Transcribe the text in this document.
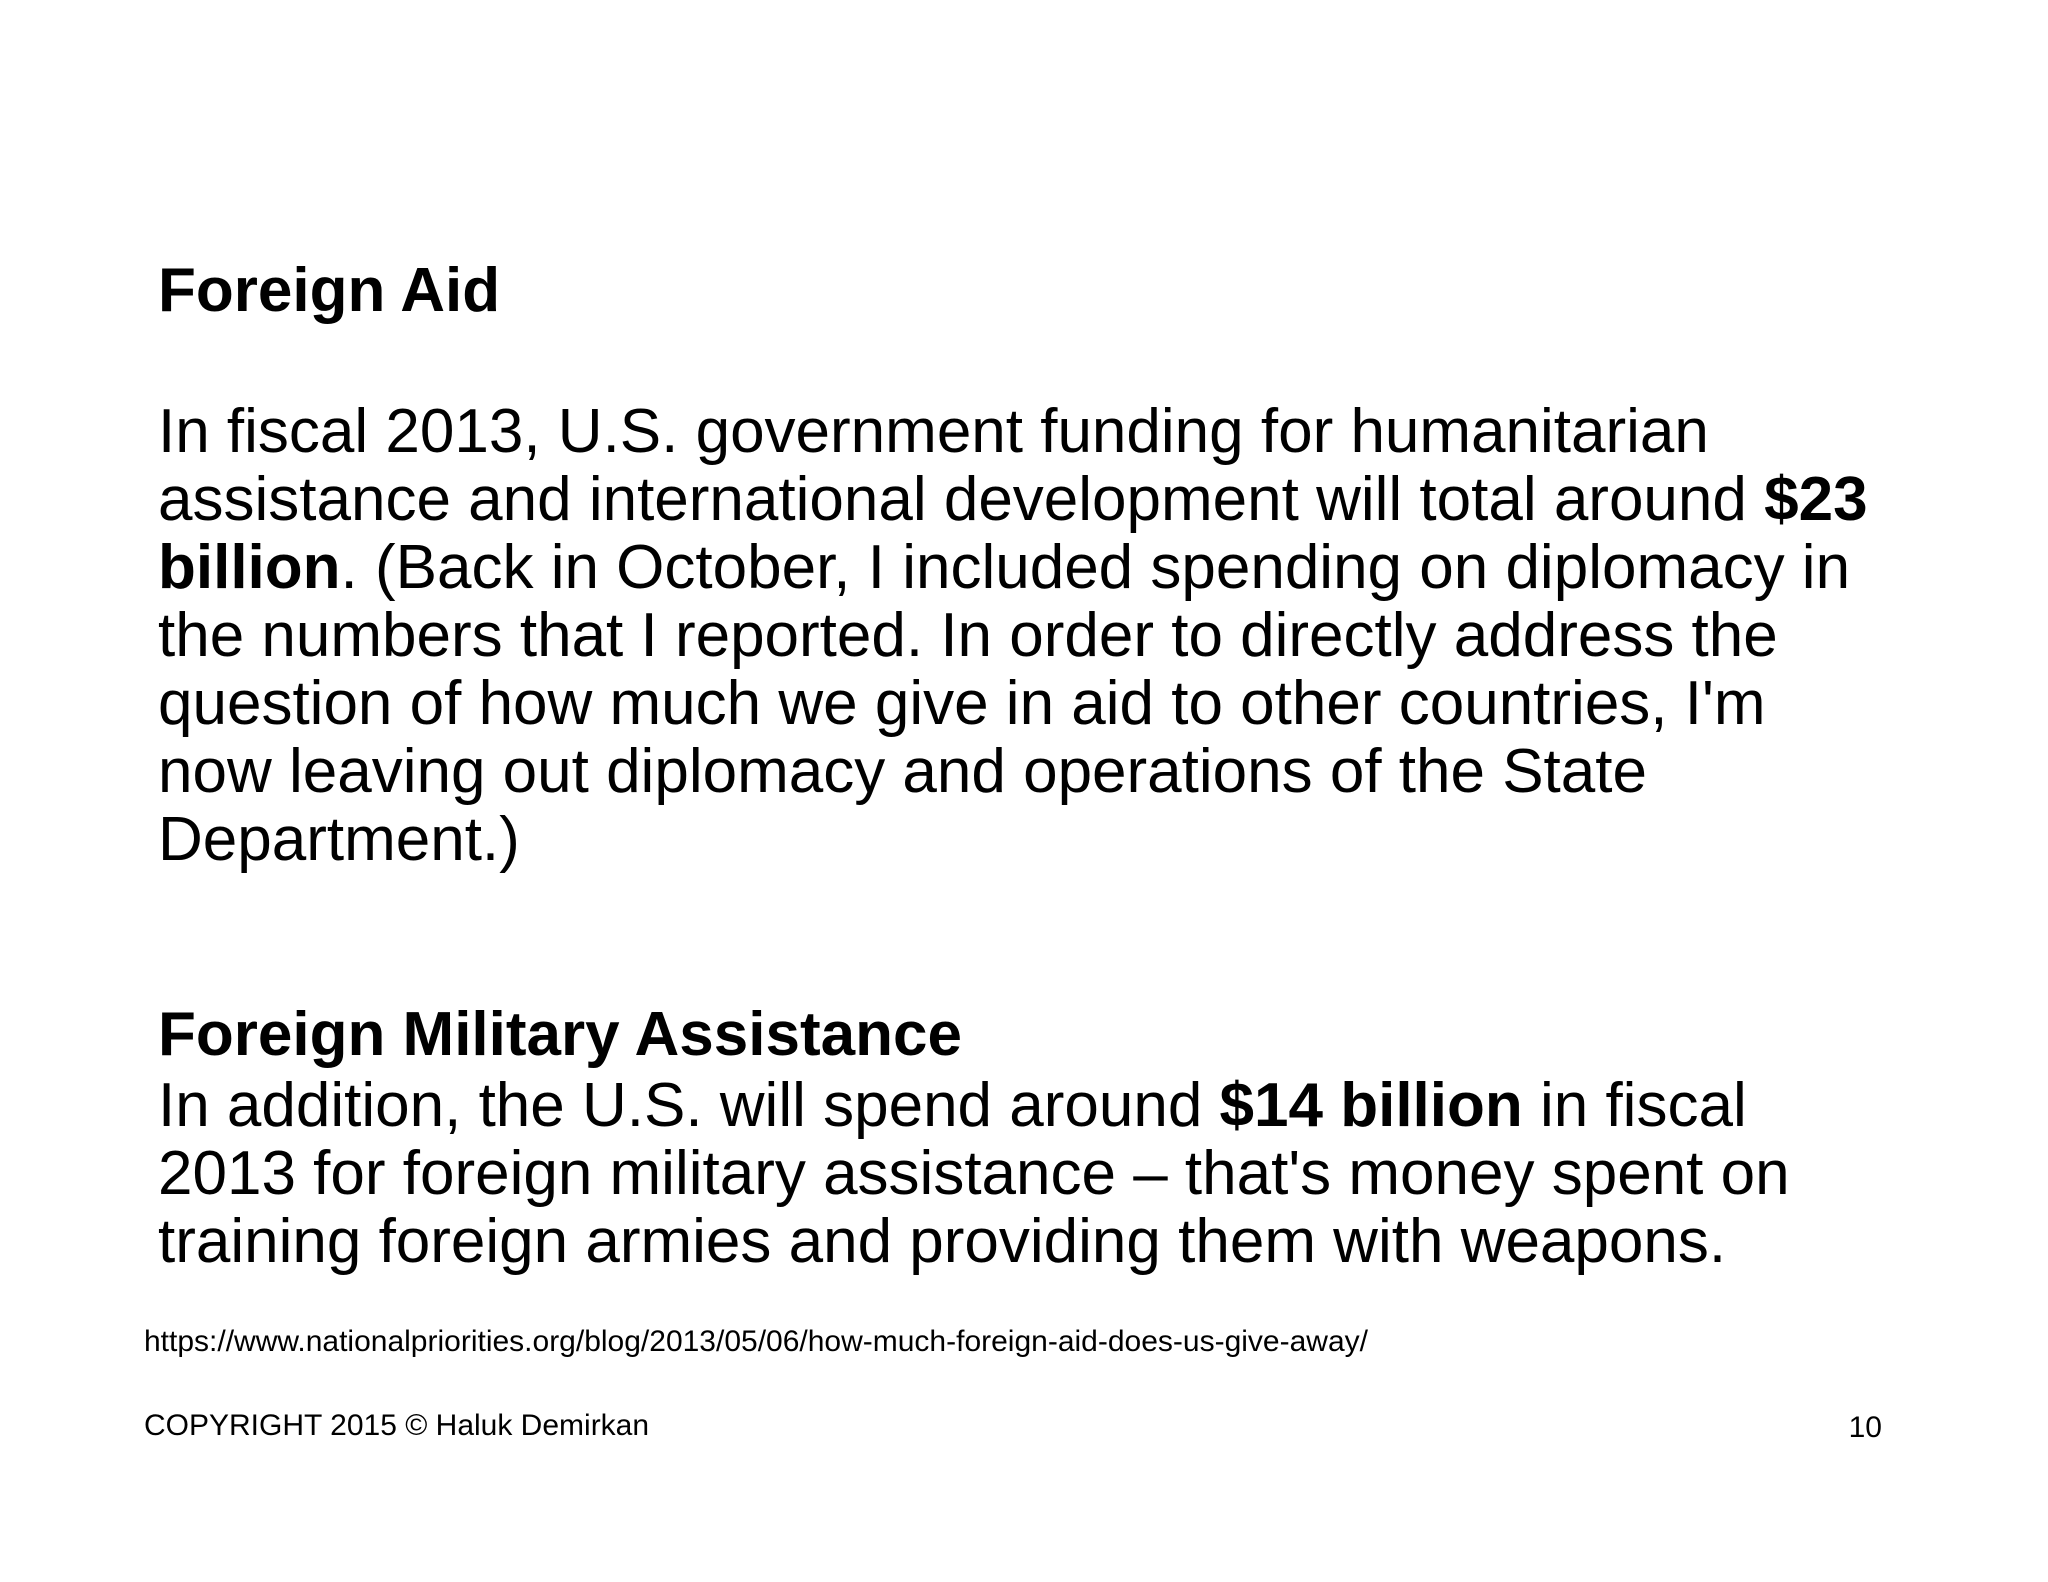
Foreign Aid
In fiscal 2013, U.S. government funding for humanitarian
assistance and international development will total around $23
billion. (Back in October, I included spending on diplomacy in
the numbers that I reported. In order to directly address the
question of how much we give in aid to other countries, I'm
now leaving out diplomacy and operations of the State
Department.)
Foreign Military Assistance
In addition, the U.S. will spend around $14 billion in fiscal
2013 for foreign military assistance – that's money spent on
training foreign armies and providing them with weapons.
https://www.nationalpriorities.org/blog/2013/05/06/how-much-foreign-aid-does-us-give-away/
COPYRIGHT 2015 © Haluk Demirkan	10
